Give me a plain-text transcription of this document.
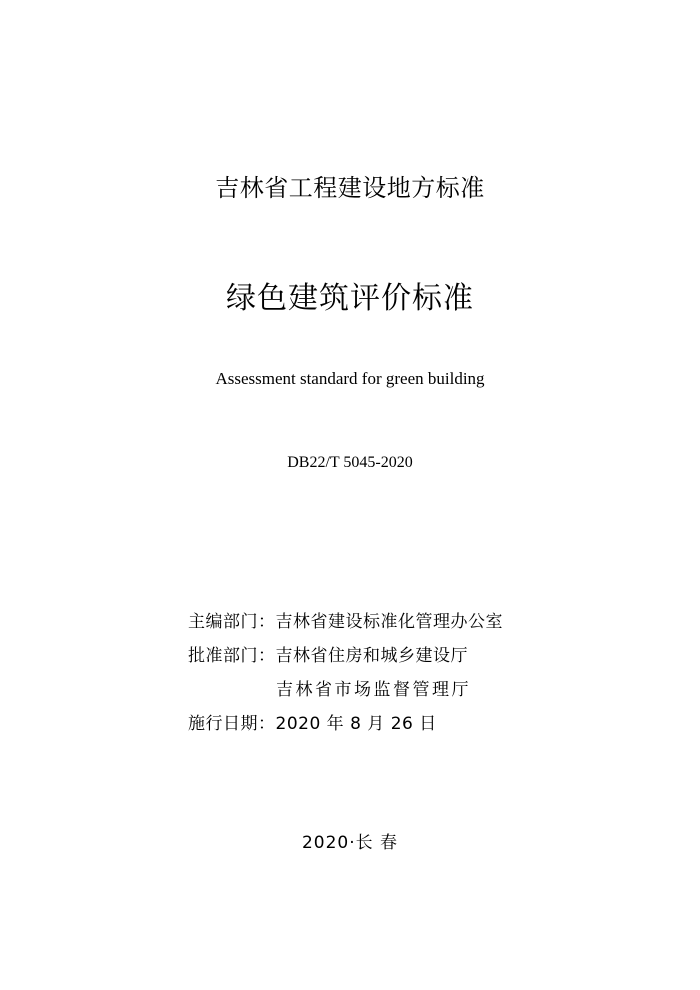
吉林省工程建设地方标准
绿色建筑评价标准
Assessment standard for green building
DB22/T 5045-2020
主编部门：吉林省建设标准化管理办公室
批准部门：吉林省住房和城乡建设厅
吉林省市场监督管理厅
施行日期：2020 年 8 月 26 日
2020·长 春
